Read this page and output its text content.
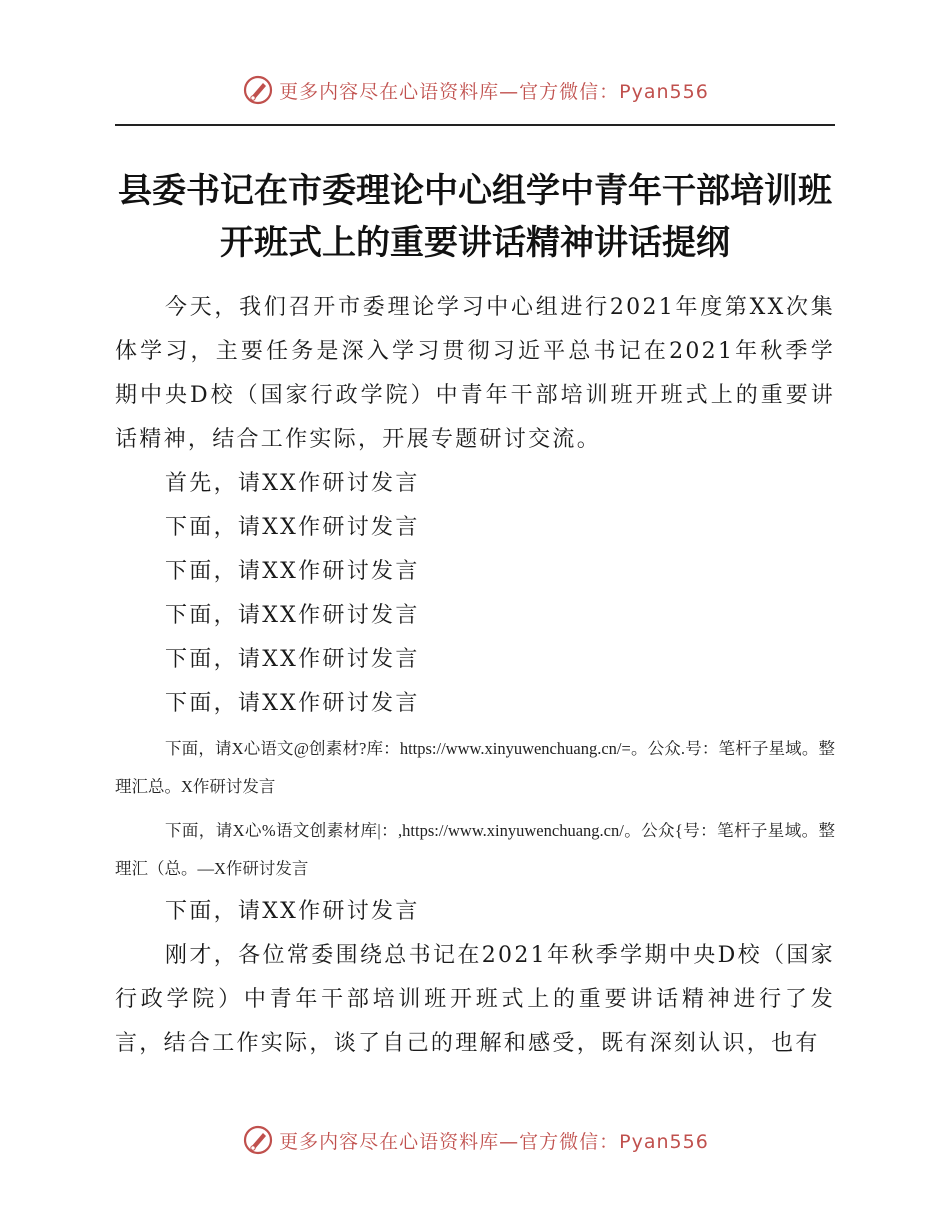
更多内容尽在心语资料库—官方微信：Pyan556
县委书记在市委理论中心组学中青年干部培训班
开班式上的重要讲话精神讲话提纲

今天，我们召开市委理论学习中心组进行2021年度第XX次集体学习，主要任务是深入学习贯彻习近平总书记在2021年秋季学期中央D校（国家行政学院）中青年干部培训班开班式上的重要讲话精神，结合工作实际，开展专题研讨交流。

首先，请XX作研讨发言

下面，请XX作研讨发言

下面，请XX作研讨发言

下面，请XX作研讨发言

下面，请XX作研讨发言

下面，请XX作研讨发言

下面，请X心语文@创素材?库：https://www.xinyuwenchuang.cn/=。公众.号：笔杆子星域。整理汇总。X作研讨发言

下面，请X心%语文创素材库|：,https://www.xinyuwenchuang.cn/。公众{号：笔杆子星域。整理汇（总。—X作研讨发言

下面，请XX作研讨发言

刚才，各位常委围绕总书记在2021年秋季学期中央D校（国家行政学院）中青年干部培训班开班式上的重要讲话精神进行了发言，结合工作实际，谈了自己的理解和感受，既有深刻认识，也有

更多内容尽在心语资料库—官方微信：Pyan556
